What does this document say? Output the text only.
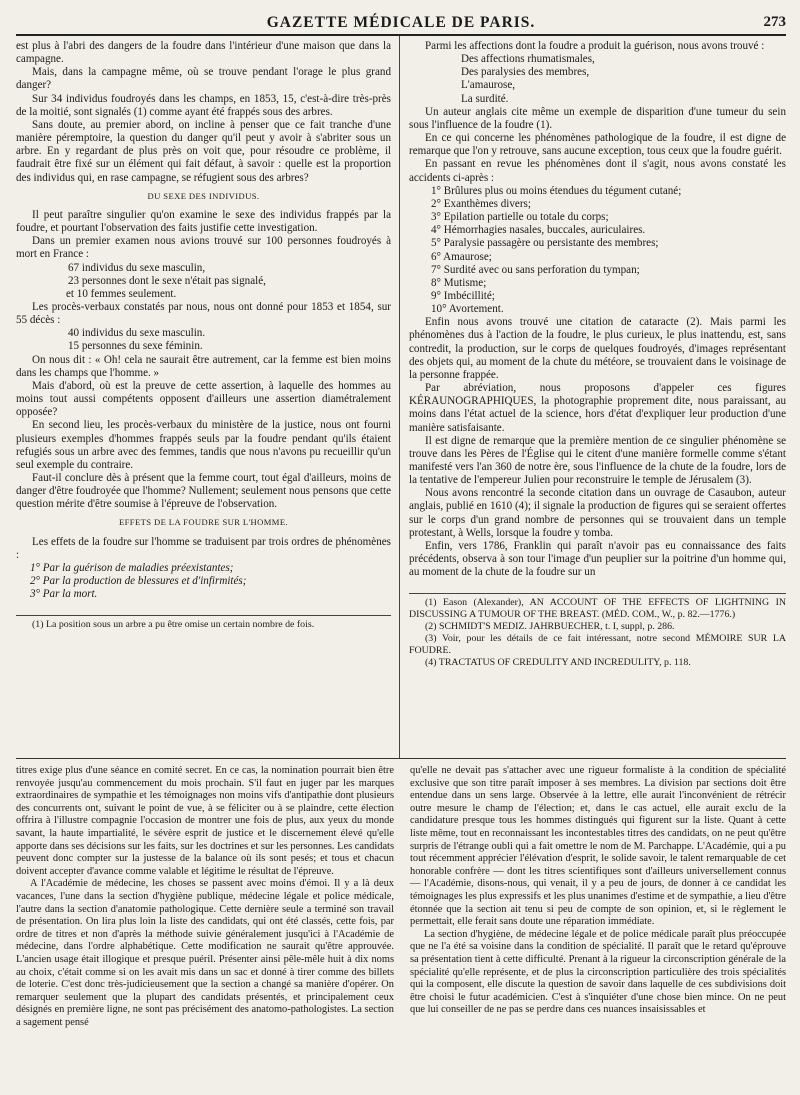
GAZETTE MÉDICALE DE PARIS.	273

est plus à l'abri des dangers de la foudre dans l'intérieur d'une maison que dans la campagne.

Mais, dans la campagne même, où se trouve pendant l'orage le plus grand danger?

Sur 34 individus foudroyés dans les champs, en 1853, 15, c'est-à-dire très-près de la moitié, sont signalés (1) comme ayant été frappés sous des arbres.

Sans doute, au premier abord, on incline à penser que ce fait tranche d'une manière péremptoire, la question du danger qu'il peut y avoir à s'abriter sous un arbre. En y regardant de plus près on voit que, pour résoudre ce problème, il faudrait être fixé sur un élément qui fait défaut, à savoir : quelle est la proportion des individus qui, en rase campagne, se réfugient sous des arbres?

DU SEXE DES INDIVIDUS.

Il peut paraître singulier qu'on examine le sexe des individus frappés par la foudre, et pourtant l'observation des faits justifie cette investigation.

Dans un premier examen nous avions trouvé sur 100 personnes foudroyés à mort en France :

67 individus du sexe masculin,
23 personnes dont le sexe n'était pas signalé,
et 10 femmes seulement.

Les procès-verbaux constatés par nous, nous ont donné pour 1853 et 1854, sur 55 décès :

40 individus du sexe masculin.
15 personnes du sexe féminin.

On nous dit : « Oh! cela ne saurait être autrement, car la femme est bien moins dans les champs que l'homme. »

Mais d'abord, où est la preuve de cette assertion, à laquelle des hommes au moins tout aussi compétents opposent d'ailleurs une assertion diamétralement opposée?

En second lieu, les procès-verbaux du ministère de la justice, nous ont fourni plusieurs exemples d'hommes frappés seuls par la foudre pendant qu'ils étaient refugiés sous un arbre avec des femmes, tandis que nous n'avons pu recueillir qu'un seul exemple du contraire.

Faut-il conclure dès à présent que la femme court, tout égal d'ailleurs, moins de danger d'être foudroyée que l'homme? Nullement; seulement nous pensons que cette question mérite d'être soumise à l'épreuve de l'observation.

EFFETS DE LA FOUDRE SUR L'HOMME.

Les effets de la foudre sur l'homme se traduisent par trois ordres de phénomènes :

1° Par la guérison de maladies préexistantes;
2° Par la production de blessures et d'infirmités;
3° Par la mort.

(1) La position sous un arbre a pu être omise un certain nombre de fois.

Parmi les affections dont la foudre a produit la guérison, nous avons trouvé :

Des affections rhumatismales,
Des paralysies des membres,
L'amaurose,
La surdité.

Un auteur anglais cite même un exemple de disparition d'une tumeur du sein sous l'influence de la foudre (1).

En ce qui concerne les phénomènes pathologique de la foudre, il est digne de remarque que l'on y retrouve, sans aucune exception, tous ceux que la foudre guérit.

En passant en revue les phénomènes dont il s'agit, nous avons constaté les accidents ci-après :

1° Brûlures plus ou moins étendues du tégument cutané;
2° Exanthèmes divers;
3° Epilation partielle ou totale du corps;
4° Hémorrhagies nasales, buccales, auriculaires.
5° Paralysie passagère ou persistante des membres;
6° Amaurose;
7° Surdité avec ou sans perforation du tympan;
8° Mutisme;
9° Imbécillité;
10° Avortement.

Enfin nous avons trouvé une citation de cataracte (2). Mais parmi les phénomènes dus à l'action de la foudre, le plus curieux, le plus inattendu, est, sans contredit, la production, sur le corps de quelques foudroyés, d'images représentant des objets qui, au moment de la chute du météore, se trouvaient dans le voisinage de la personne frappée.

Par abréviation, nous proposons d'appeler ces figures KÉRAUNOGRAPHIQUES, la photographie proprement dite, nous paraissant, au moins dans l'état actuel de la science, hors d'état d'expliquer leur production d'une manière satisfaisante.

Il est digne de remarque que la première mention de ce singulier phénomène se trouve dans les Pères de l'Église qui le citent d'une manière formelle comme s'étant manifesté vers l'an 360 de notre ère, sous l'influence de la chute de la foudre, lors de la tentative de l'empereur Julien pour reconstruire le temple de Jérusalem (3).

Nous avons rencontré la seconde citation dans un ouvrage de Casaubon, auteur anglais, publié en 1610 (4); il signale la production de figures qui se seraient offertes sur le corps d'un grand nombre de personnes qui se trouvaient dans un temple protestant, à Wells, lorsque la foudre y tomba.

Enfin, vers 1786, Franklin qui paraît n'avoir pas eu connaissance des faits précédents, observa à son tour l'image d'un peuplier sur la poitrine d'un homme qui, au moment de la chute de la foudre sur un

(1) Eason (Alexander), AN ACCOUNT OF THE EFFECTS OF LIGHTNING IN DISCUSSING A TUMOUR OF THE BREAST. (MÉD. COM., W., p. 82.—1776.)

(2) SCHMIDT'S MEDIZ. JAHRBUECHER, t. I, suppl, p. 286.

(3) Voir, pour les détails de ce fait intéressant, notre second MÉMOIRE SUR LA FOUDRE.

(4) TRACTATUS OF CREDULITY AND INCREDULITY, p. 118.

titres exige plus d'une séance en comité secret. En ce cas, la nomination pourrait bien être renvoyée jusqu'au commencement du mois prochain. S'il faut en juger par les marques extraordinaires de sympathie et les témoignages non moins vifs d'antipathie dont plusieurs des concurrents ont, suivant le point de vue, à se féliciter ou à se plaindre, cette élection offrira à l'illustre compagnie l'occasion de montrer une fois de plus, aux yeux du monde savant, la haute impartialité, le sévère esprit de justice et le discernement élevé qu'elle apporte dans ses décisions sur les faits, sur les doctrines et sur les personnes. Les candidats peuvent donc compter sur la justesse de la balance où ils sont pesés; et tous et chacun doivent accepter d'avance comme valable et légitime le résultat de l'épreuve.

A l'Académie de médecine, les choses se passent avec moins d'émoi. Il y a là deux vacances, l'une dans la section d'hygiène publique, médecine légale et police médicale, l'autre dans la section d'anatomie pathologique. Cette dernière seule a terminé son travail de présentation. On lira plus loin la liste des candidats, qui ont été classés, cette fois, par ordre de titres et non d'après la méthode suivie généralement jusqu'ici à l'Académie de médecine, dans l'ordre alphabétique. Cette modification ne saurait qu'être approuvée. L'ancien usage était illogique et presque puéril. Présenter ainsi pêle-mêle huit à dix noms au choix, c'était comme si on les avait mis dans un sac et donné à tirer comme des billets de loterie. C'est donc très-judicieusement que la section a changé sa manière d'opérer. On remarquer seulement que la plupart des candidats présentés, et principalement ceux désignés en première ligne, ne sont pas précisément des anatomo-pathologistes. La section a sagement pensé

qu'elle ne devait pas s'attacher avec une rigueur formaliste à la condition de spécialité exclusive que son titre paraît imposer à ses membres. La division par sections doit être entendue dans un sens large. Observée à la lettre, elle aurait l'inconvénient de rétrécir outre mesure le champ de l'élection; et, dans le cas actuel, elle aurait exclu de la candidature presque tous les hommes distingués qui figurent sur la liste. Quant à cette liste même, tout en reconnaissant les incontestables titres des candidats, on ne peut qu'être surpris de l'étrange oubli qui a fait omettre le nom de M. Parchappe. L'Académie, qui a pu tout récemment apprécier l'élévation d'esprit, le solide savoir, le talent remarquable de cet honorable confrère — dont les titres scientifiques sont d'ailleurs universellement connus — l'Académie, disons-nous, qui venait, il y a peu de jours, de donner à ce candidat les témoignages les plus expressifs et les plus unanimes d'estime et de sympathie, a lieu d'être étonnée que la section ait tenu si peu de compte de son opinion, et, si le règlement le permettait, elle ferait sans doute une réparation immédiate.

La section d'hygiène, de médecine légale et de police médicale paraît plus préoccupée que ne l'a été sa voisine dans la condition de spécialité. Il paraît que le retard qu'éprouve sa présentation tient à cette difficulté. Prenant à la rigueur la circonscription générale de la spécialité qu'elle représente, et de plus la circonscription particulière des trois spécialités qui la composent, elle discute la question de savoir dans laquelle de ces subdivisions doit être choisi le futur académicien. C'est à s'inquiéter d'une chose bien mince. On ne peut que lui conseiller de ne pas se perdre dans ces nuances insaisissables et
